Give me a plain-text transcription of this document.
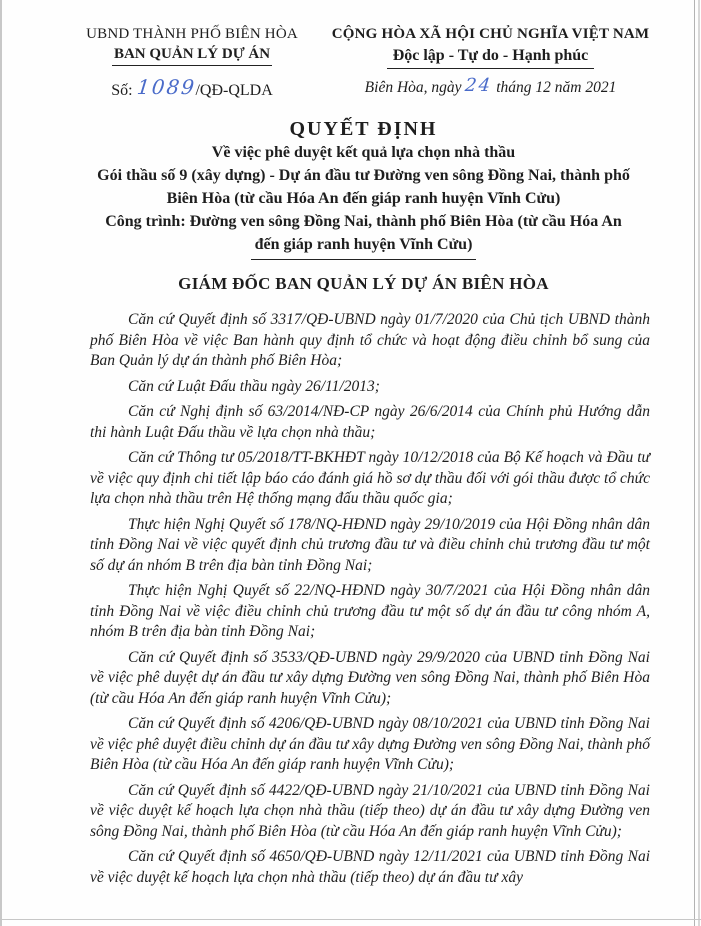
UBND THÀNH PHỐ BIÊN HÒA
BAN QUẢN LÝ DỰ ÁN
Số: 1089/QĐ-QLDA
CỘNG HÒA XÃ HỘI CHỦ NGHĨA VIỆT NAM
Độc lập - Tự do - Hạnh phúc
Biên Hòa, ngày 24 tháng 12 năm 2021
QUYẾT ĐỊNH
Về việc phê duyệt kết quả lựa chọn nhà thầu
Gói thầu số 9 (xây dựng) - Dự án đầu tư Đường ven sông Đồng Nai, thành phố
Biên Hòa (từ cầu Hóa An đến giáp ranh huyện Vĩnh Cửu)
Công trình: Đường ven sông Đồng Nai, thành phố Biên Hòa (từ cầu Hóa An
đến giáp ranh huyện Vĩnh Cửu)
GIÁM ĐỐC BAN QUẢN LÝ DỰ ÁN BIÊN HÒA

Căn cứ Quyết định số 3317/QĐ-UBND ngày 01/7/2020 của Chủ tịch UBND thành phố Biên Hòa về việc Ban hành quy định tổ chức và hoạt động điều chỉnh bổ sung của Ban Quản lý dự án thành phố Biên Hòa;

Căn cứ Luật Đấu thầu ngày 26/11/2013;

Căn cứ Nghị định số 63/2014/NĐ-CP ngày 26/6/2014 của Chính phủ Hướng dẫn thi hành Luật Đấu thầu về lựa chọn nhà thầu;

Căn cứ Thông tư 05/2018/TT-BKHĐT ngày 10/12/2018 của Bộ Kế hoạch và Đầu tư về việc quy định chi tiết lập báo cáo đánh giá hồ sơ dự thầu đối với gói thầu được tổ chức lựa chọn nhà thầu trên Hệ thống mạng đấu thầu quốc gia;

Thực hiện Nghị Quyết số 178/NQ-HĐND ngày 29/10/2019 của Hội Đồng nhân dân tỉnh Đồng Nai về việc quyết định chủ trương đầu tư và điều chỉnh chủ trương đầu tư một số dự án nhóm B trên địa bàn tỉnh Đồng Nai;

Thực hiện Nghị Quyết số 22/NQ-HĐND ngày 30/7/2021 của Hội Đồng nhân dân tỉnh Đồng Nai về việc điều chỉnh chủ trương đầu tư một số dự án đầu tư công nhóm A, nhóm B trên địa bàn tỉnh Đồng Nai;

Căn cứ Quyết định số 3533/QĐ-UBND ngày 29/9/2020 của UBND tỉnh Đồng Nai về việc phê duyệt dự án đầu tư xây dựng Đường ven sông Đồng Nai, thành phố Biên Hòa (từ cầu Hóa An đến giáp ranh huyện Vĩnh Cửu);

Căn cứ Quyết định số 4206/QĐ-UBND ngày 08/10/2021 của UBND tỉnh Đồng Nai về việc phê duyệt điều chỉnh dự án đầu tư xây dựng Đường ven sông Đồng Nai, thành phố Biên Hòa (từ cầu Hóa An đến giáp ranh huyện Vĩnh Cửu);

Căn cứ Quyết định số 4422/QĐ-UBND ngày 21/10/2021 của UBND tỉnh Đồng Nai về việc duyệt kế hoạch lựa chọn nhà thầu (tiếp theo) dự án đầu tư xây dựng Đường ven sông Đồng Nai, thành phố Biên Hòa (từ cầu Hóa An đến giáp ranh huyện Vĩnh Cửu);

Căn cứ Quyết định số 4650/QĐ-UBND ngày 12/11/2021 của UBND tỉnh Đồng Nai về việc duyệt kế hoạch lựa chọn nhà thầu (tiếp theo) dự án đầu tư xây
